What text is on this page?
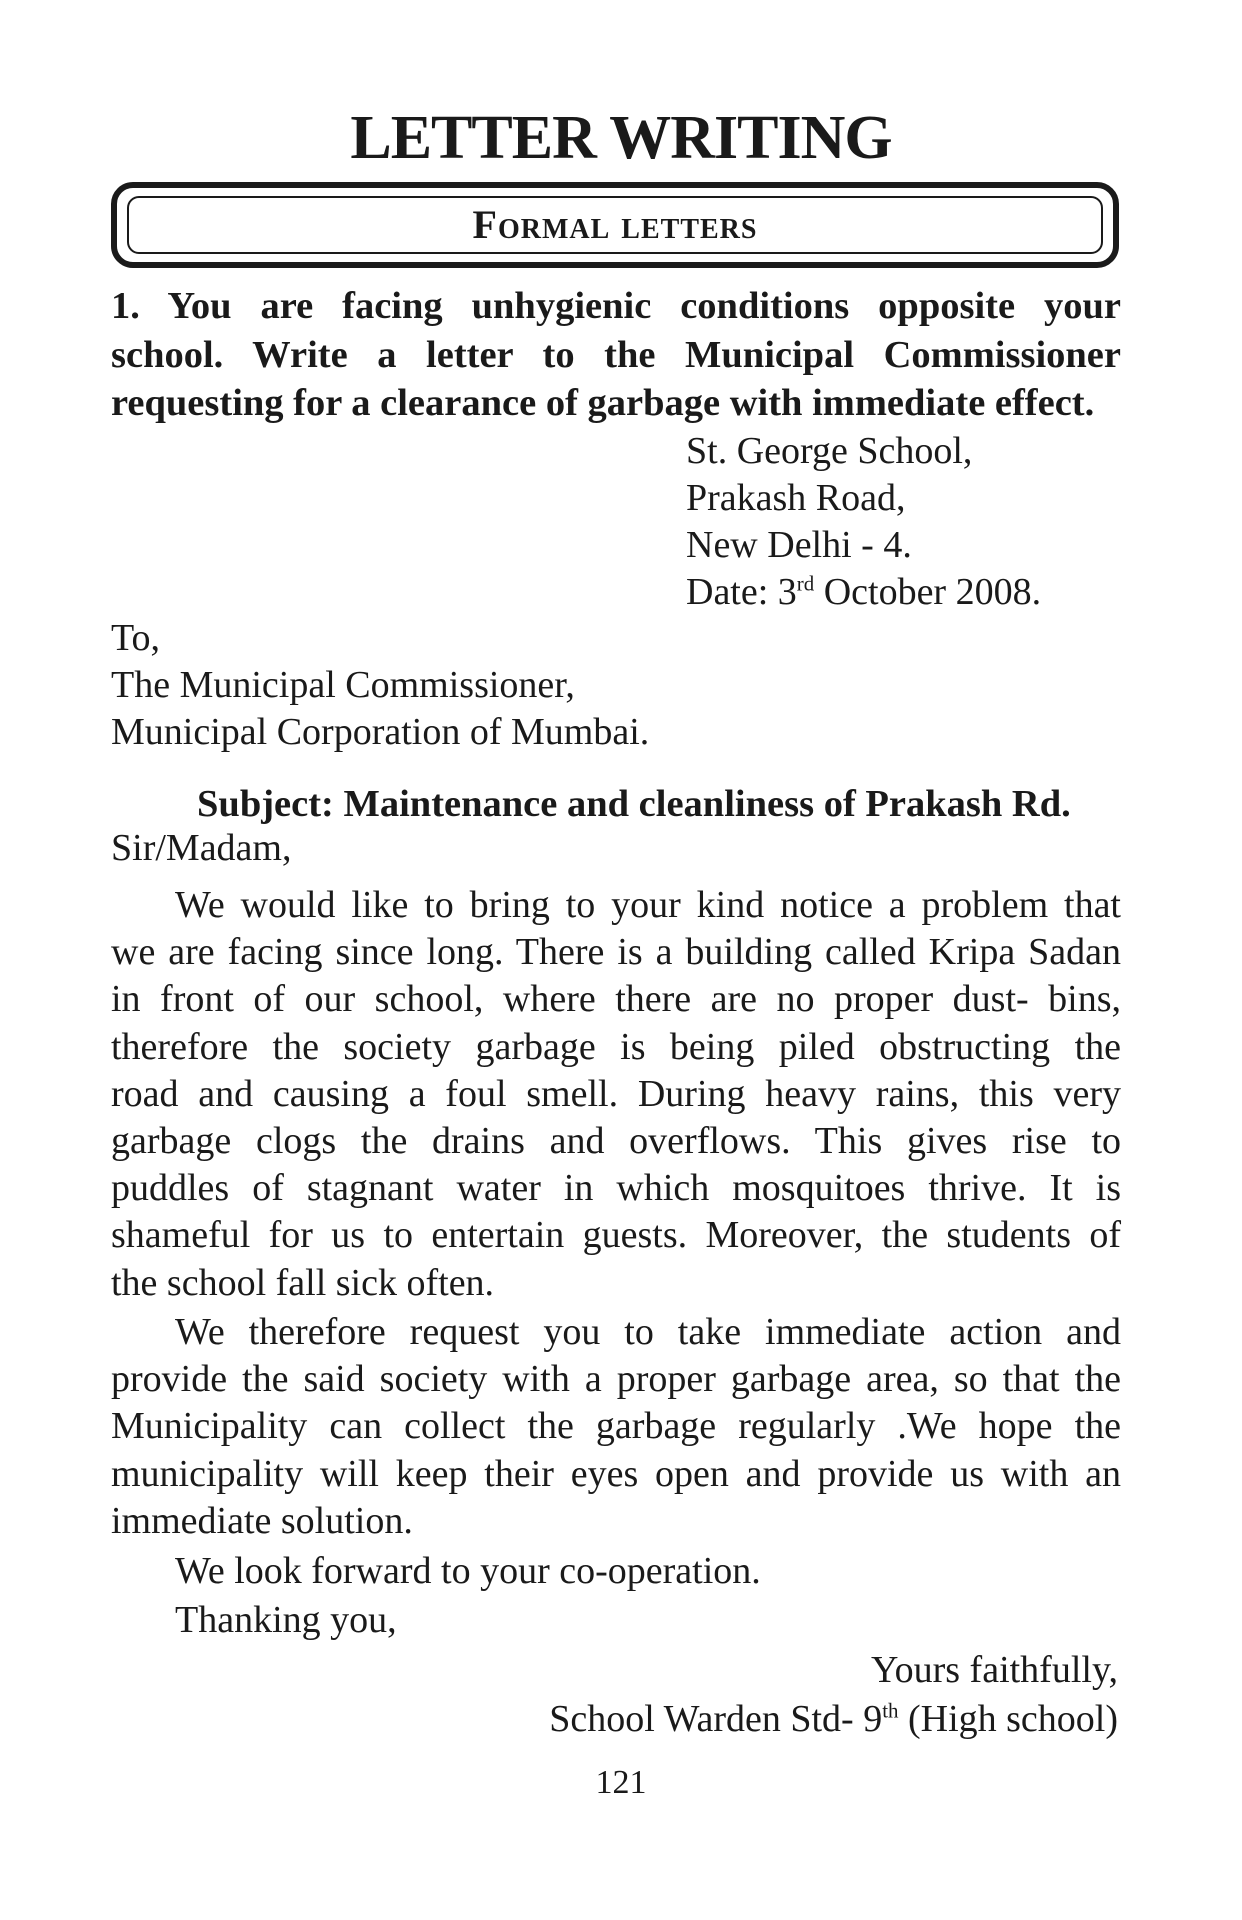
LETTER WRITING
Formal letters
1. You are facing unhygienic conditions opposite your
school. Write a letter to the Municipal Commissioner
requesting for a clearance of garbage with immediate effect.
St. George School,
Prakash Road,
New Delhi - 4.
Date: 3rd October 2008.
To,
The Municipal Commissioner,
Municipal Corporation of Mumbai.
Subject: Maintenance and cleanliness of Prakash Rd.
Sir/Madam,
We would like to bring to your kind notice a problem that
we are facing since long. There is a building called Kripa Sadan
in front of our school, where there are no proper dust- bins,
therefore the society garbage is being piled obstructing the
road and causing a foul smell. During heavy rains, this very
garbage clogs the drains and overflows. This gives rise to
puddles of stagnant water in which mosquitoes thrive. It is
shameful for us to entertain guests. Moreover, the students of
the school fall sick often.
We therefore request you to take immediate action and
provide the said society with a proper garbage area, so that the
Municipality can collect the garbage regularly .We hope the
municipality will keep their eyes open and provide us with an
immediate solution.
We look forward to your co-operation.
Thanking you,
Yours faithfully,
School Warden Std- 9th (High school)
121
